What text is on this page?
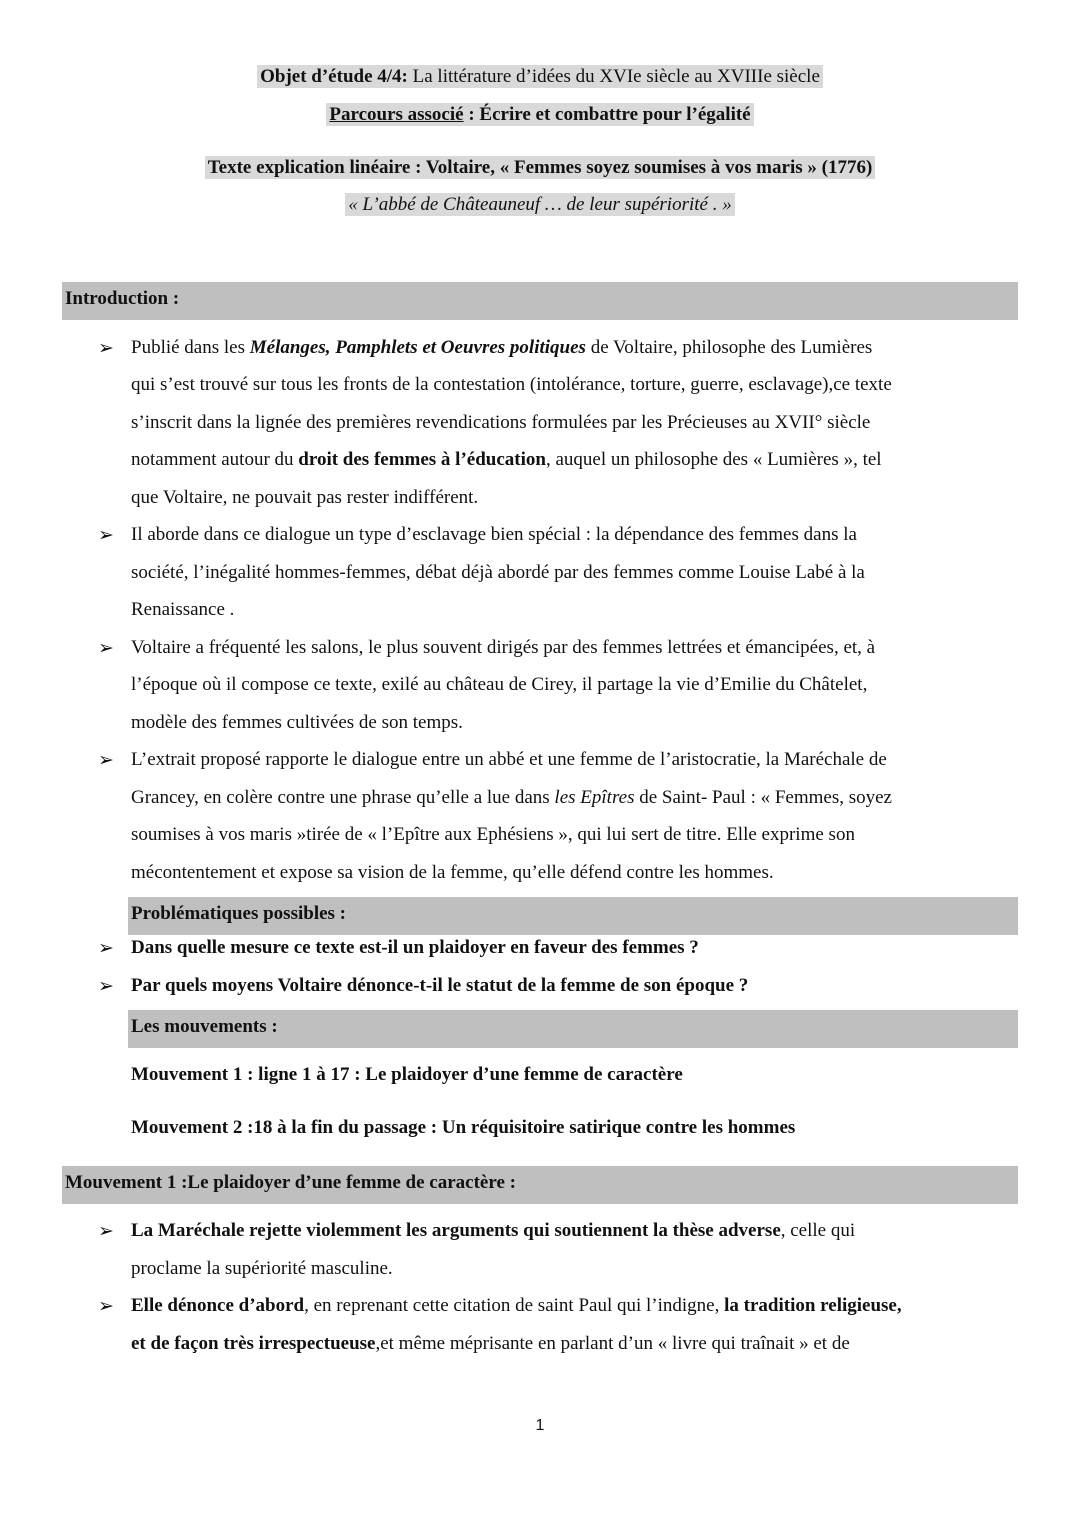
Objet d’étude 4/4: La littérature d’idées du XVIe siècle au XVIIIe siècle
Parcours associé : Écrire et combattre pour l’égalité
Texte explication linéaire : Voltaire, « Femmes soyez soumises à vos maris » (1776)
« L’abbé de Châteauneuf … de leur supériorité . »
Introduction :
➢ Publié dans les Mélanges, Pamphlets et Oeuvres politiques de Voltaire, philosophe des Lumières
qui s’est trouvé sur tous les fronts de la contestation (intolérance, torture, guerre, esclavage),ce texte
s’inscrit dans la lignée des premières revendications formulées par les Précieuses au XVII° siècle
notamment autour du droit des femmes à l’éducation, auquel un philosophe des « Lumières », tel
que Voltaire, ne pouvait pas rester indifférent.
➢ Il aborde dans ce dialogue un type d’esclavage bien spécial : la dépendance des femmes dans la
société, l’inégalité hommes-femmes, débat déjà abordé par des femmes comme Louise Labé à la
Renaissance .
➢ Voltaire a fréquenté les salons, le plus souvent dirigés par des femmes lettrées et émancipées, et, à
l’époque où il compose ce texte, exilé au château de Cirey, il partage la vie d’Emilie du Châtelet,
modèle des femmes cultivées de son temps.
➢ L’extrait proposé rapporte le dialogue entre un abbé et une femme de l’aristocratie, la Maréchale de
Grancey, en colère contre une phrase qu’elle a lue dans les Epîtres de Saint- Paul : « Femmes, soyez
soumises à vos maris »tirée de « l’Epître aux Ephésiens », qui lui sert de titre. Elle exprime son
mécontentement et expose sa vision de la femme, qu’elle défend contre les hommes.
Problématiques possibles :
➢ Dans quelle mesure ce texte est-il un plaidoyer en faveur des femmes ?
➢ Par quels moyens Voltaire dénonce-t-il le statut de la femme de son époque ?
Les mouvements :
Mouvement 1 : ligne 1 à 17 : Le plaidoyer d’une femme de caractère
Mouvement 2 :18 à la fin du passage : Un réquisitoire satirique contre les hommes
Mouvement 1 :Le plaidoyer d’une femme de caractère :
➢ La Maréchale rejette violemment les arguments qui soutiennent la thèse adverse, celle qui
proclame la supériorité masculine.
➢ Elle dénonce d’abord, en reprenant cette citation de saint Paul qui l’indigne, la tradition religieuse,
et de façon très irrespectueuse,et même méprisante en parlant d’un « livre qui traînait » et de
1
